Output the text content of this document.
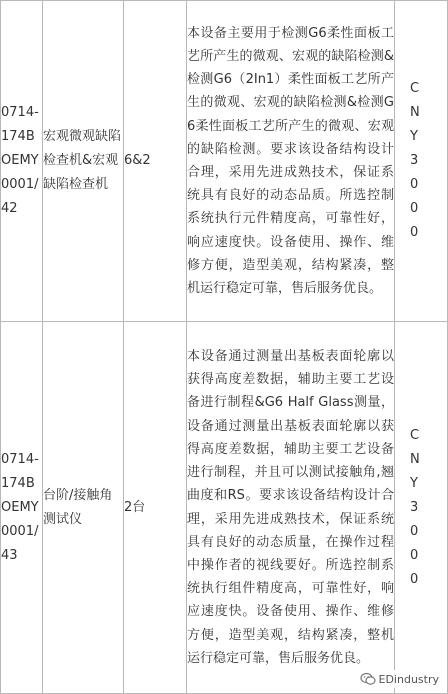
0714-174BOEMY0001/42	宏观微观缺陷检查机&宏观缺陷检查机	6&2	本设备主要用于检测G6柔性面板工艺所产生的微观、宏观的缺陷检测&检测G6（2In1）柔性面板工艺所产生的微观、宏观的缺陷检测&检测G6柔性面板工艺所产生的微观、宏观的缺陷检测。要求该设备结构设计合理，采用先进成熟技术，保证系统具有良好的动态品质。所选控制系统执行元件精度高，可靠性好，响应速度快。设备使用、操作、维修方便，造型美观，结构紧凑，整机运行稳定可靠，售后服务优良。	CNY3000

0714-174BOEMY0001/43	台阶/接触角测试仪	2台	本设备通过测量出基板表面轮廓以获得高度差数据，辅助主要工艺设备进行制程&G6 Half Glass测量， 设备通过测量出基板表面轮廓以获得高度差数据，辅助主要工艺设备进行制程，并且可以测试接触角,翘曲度和RS。要求该设备结构设计合理，采用先进成熟技术，保证系统具有良好的动态质量，在操作过程中操作者的视线要好。所选控制系统执行组件精度高，可靠性好，响应速度快。设备使用、操作、维修方便，造型美观，结构紧凑，整机运行稳定可靠，售后服务优良。	CNY3000
EDindustry
